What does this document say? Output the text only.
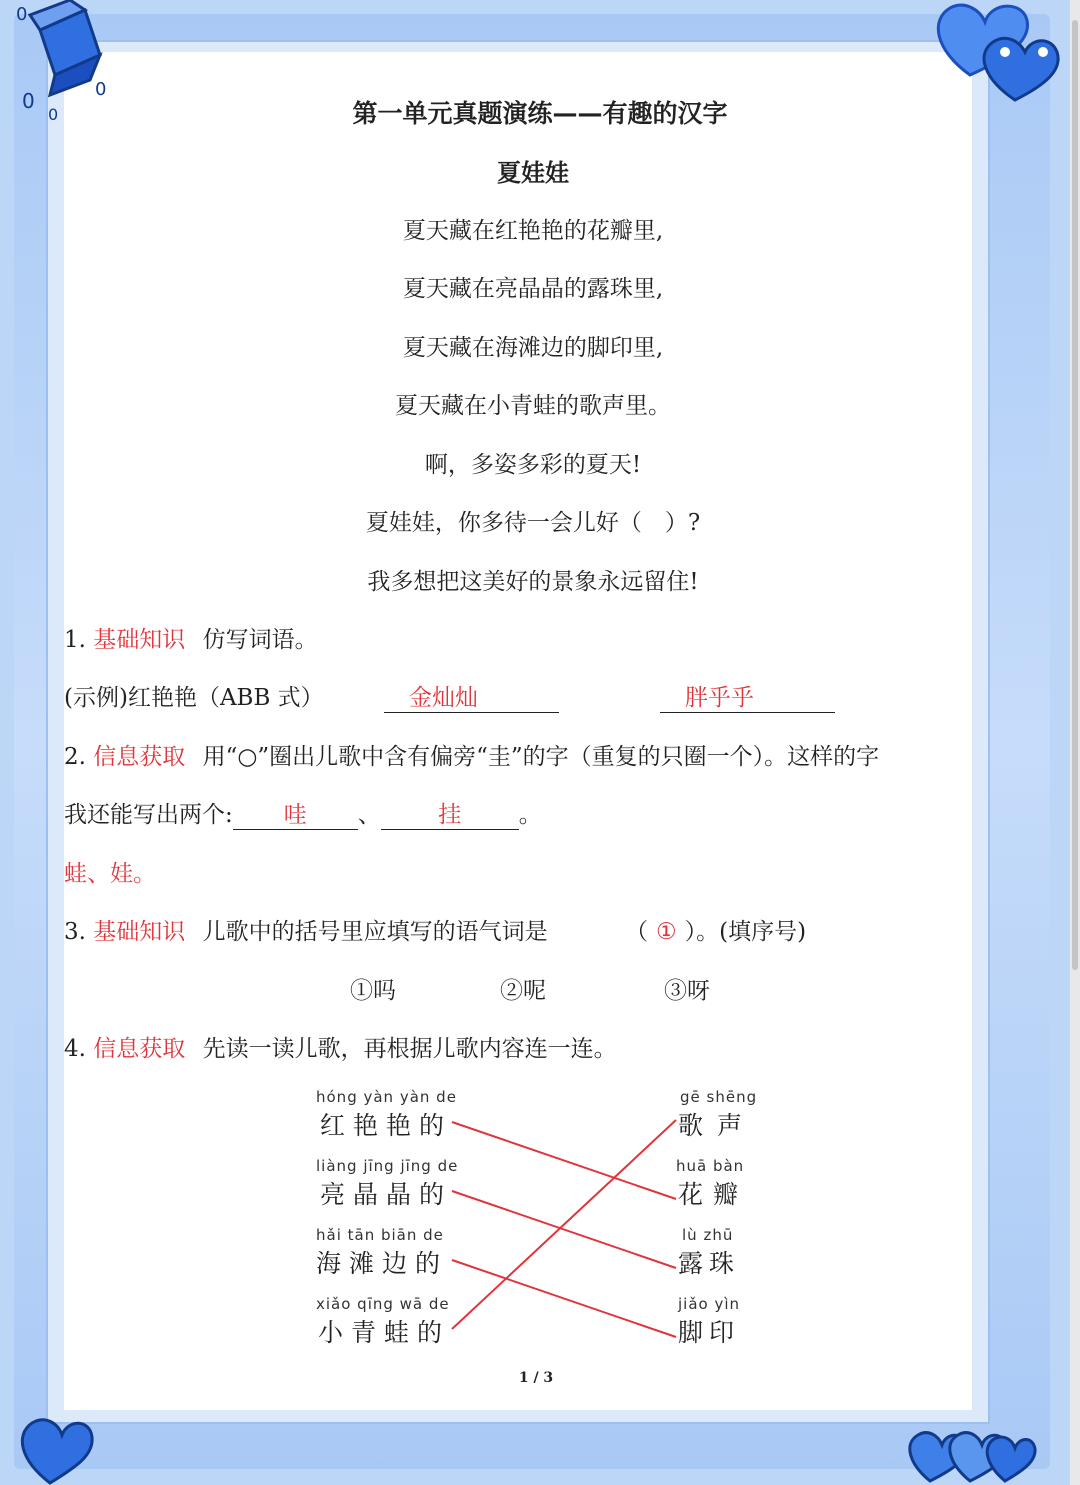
0
0
0
0
第一单元真题演练——有趣的汉字
夏娃娃
夏天藏在红艳艳的花瓣里,
夏天藏在亮晶晶的露珠里,
夏天藏在海滩边的脚印里,
夏天藏在小青蛙的歌声里。
啊，多姿多彩的夏天!
夏娃娃，你多待一会儿好（　）?
我多想把这美好的景象永远留住!
1. 基础知识 仿写词语。
(示例)红艳艳（ABB 式）	金灿灿	胖乎乎
2. 信息获取 用“○”圈出儿歌中含有偏旁“圭”的字（重复的只圈一个）。这样的字
我还能写出两个: 哇 、	挂	。
蛙、娃。
3. 基础知识 儿歌中的括号里应填写的语气词是	（ ① ）。(填序号)
①吗	②呢	③呀
4. 信息获取 先读一读儿歌，再根据儿歌内容连一连。
hóng yàn yàn de
红艳艳的
liàng jīng jīng de
亮晶晶的
hǎi tān biān de
海滩边的
xiǎo qīng wā de
小青蛙的
gē shēng
歌声
huā bàn
花瓣
lù zhū
露珠
jiǎo yìn
脚印
1 / 3
